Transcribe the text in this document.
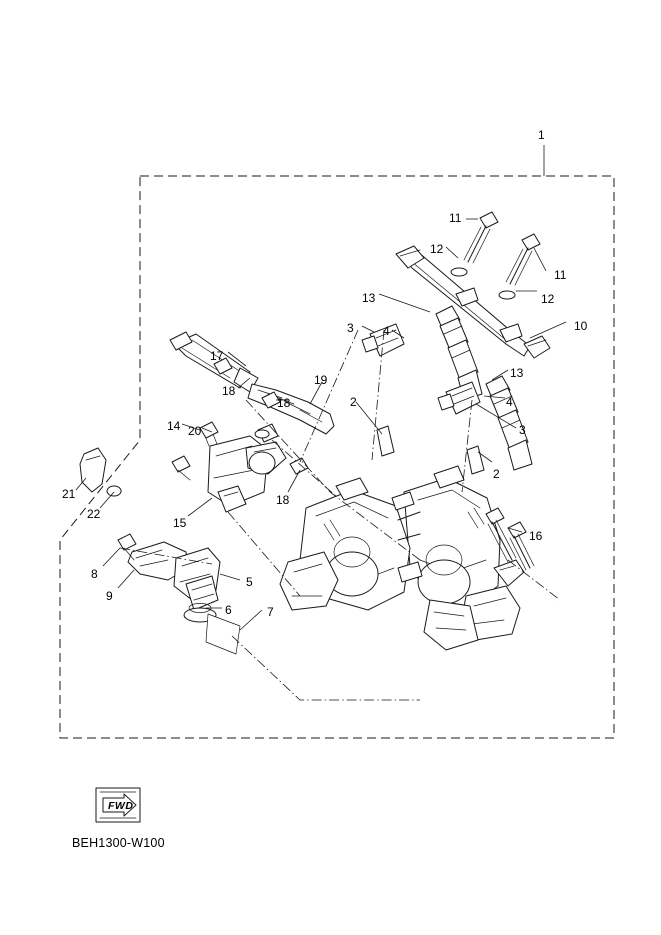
1
11
12
11
12
13
10
3 4
17
13
18
19
4
18	2
20	3
14
2
18
21
22
15
16
8
9
5
6	7
FWD
BEH1300-W100
